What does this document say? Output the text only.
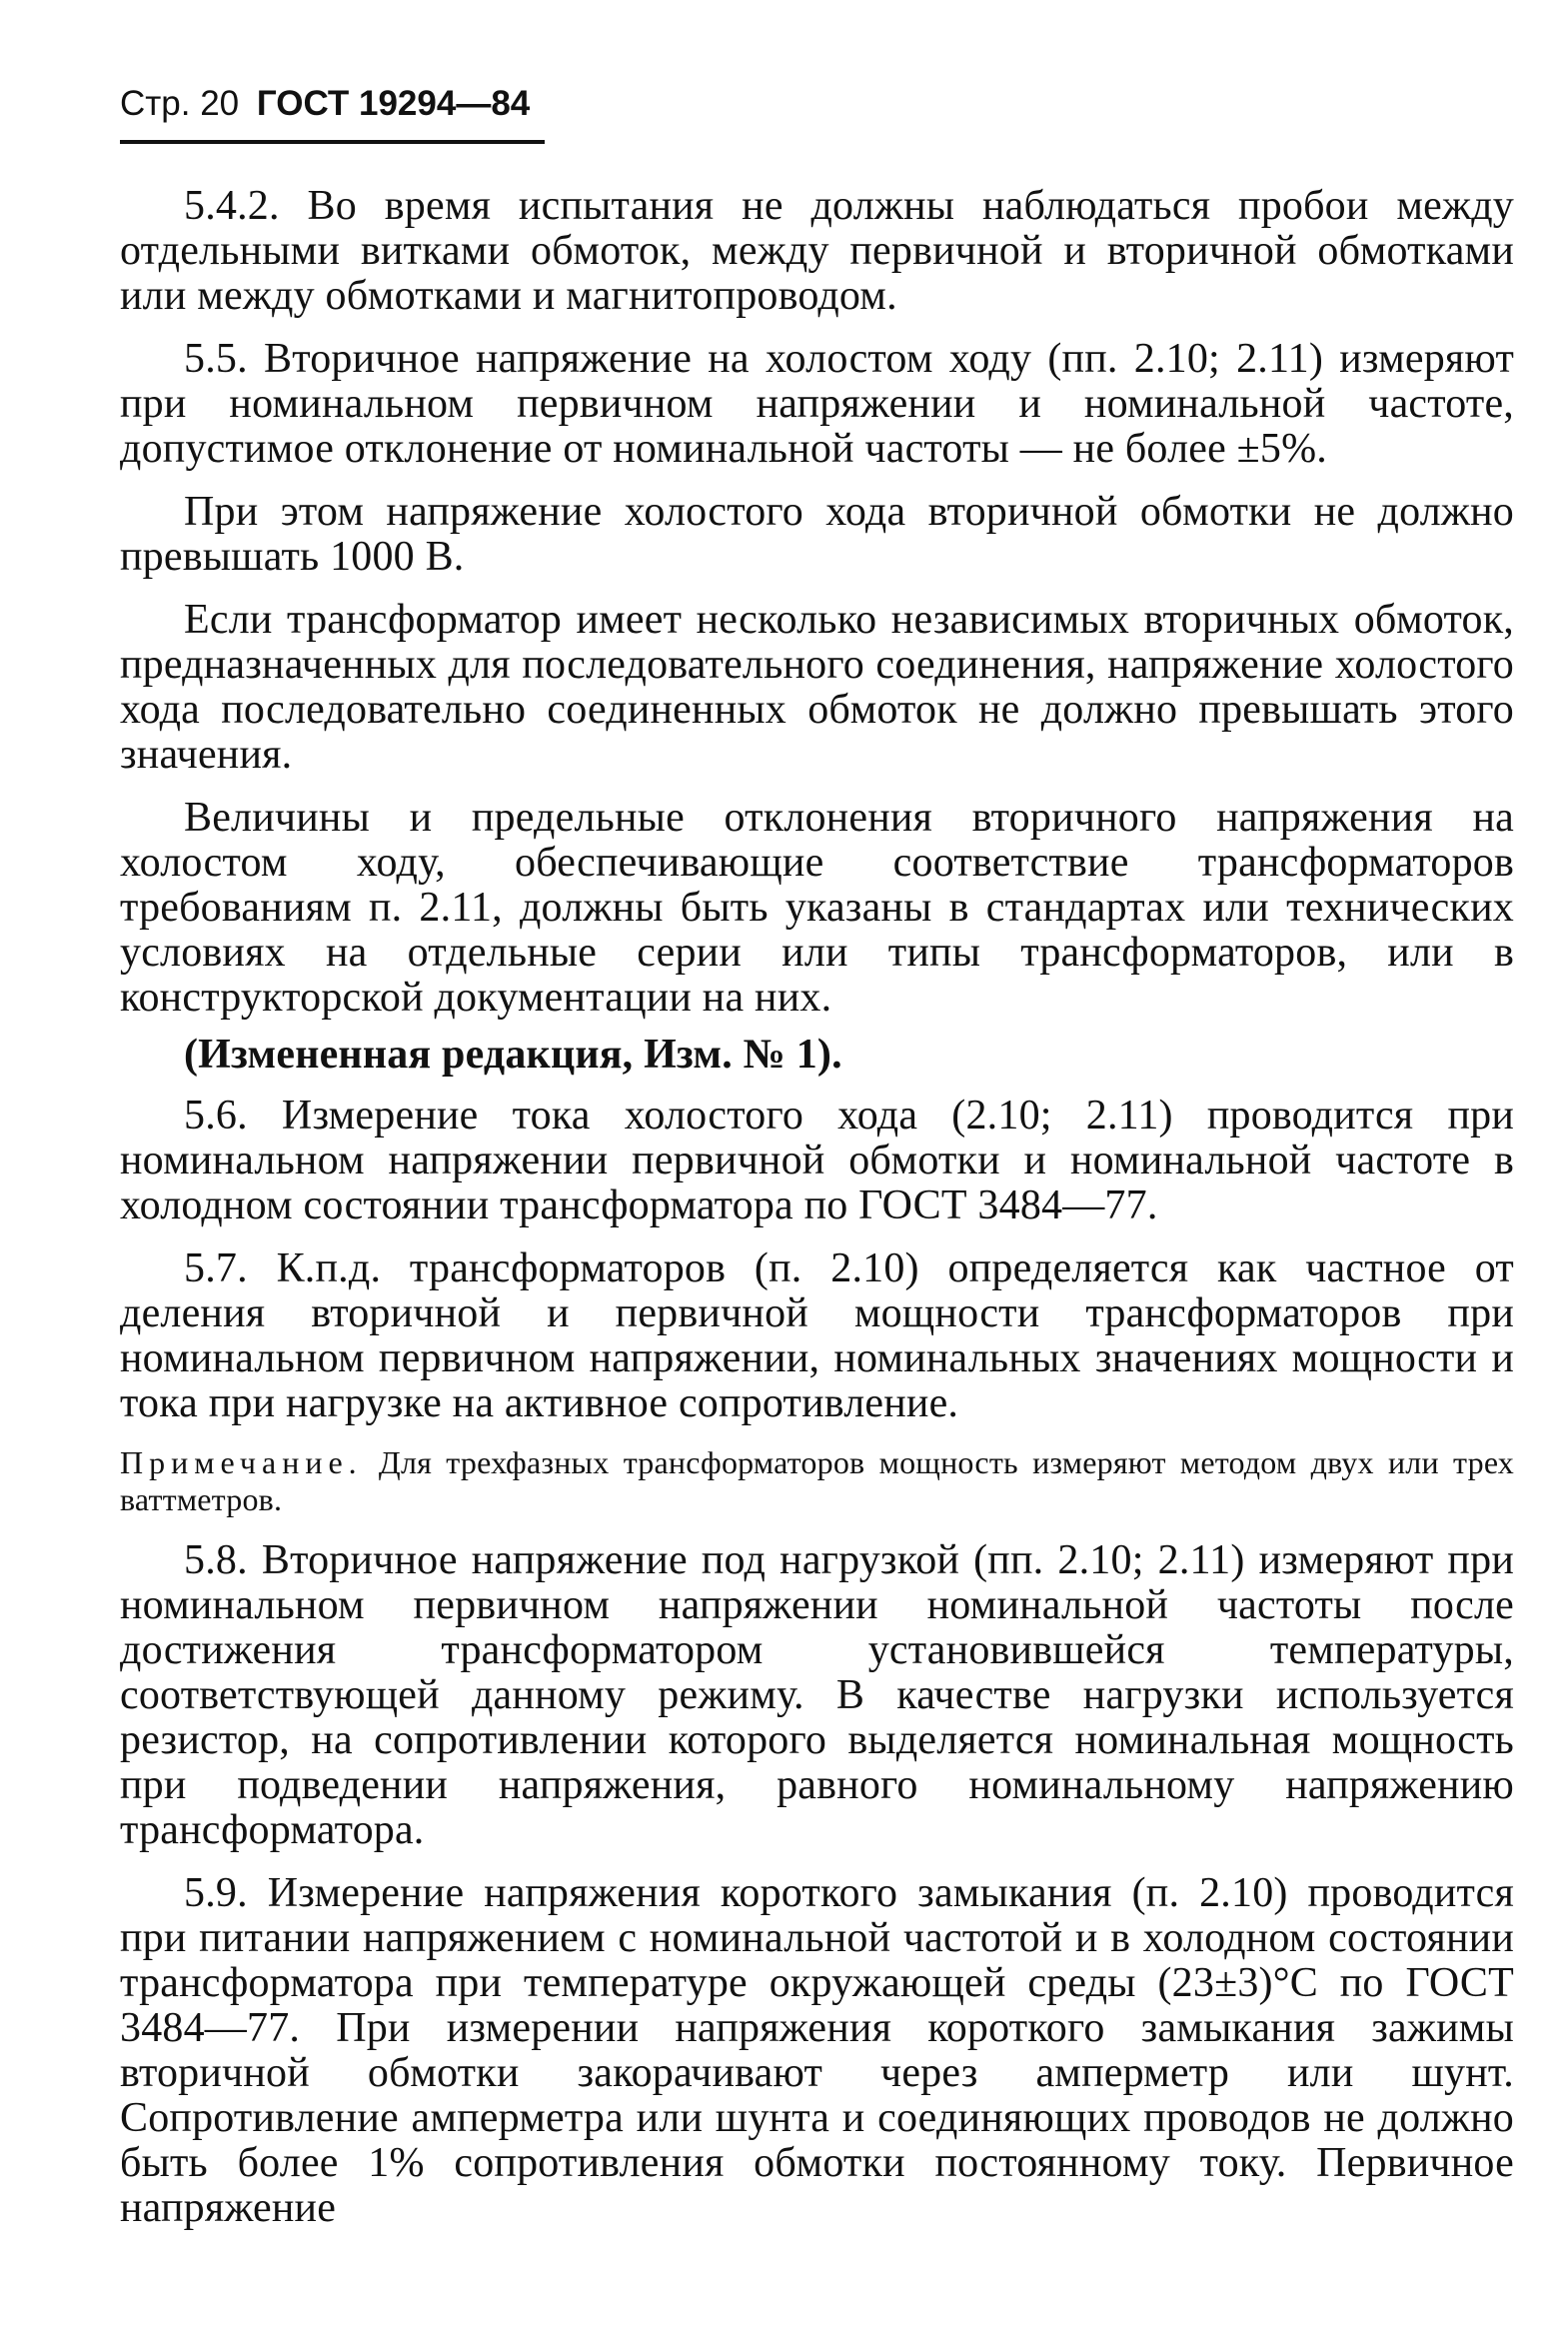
Стр. 20 ГОСТ 19294—84

5.4.2. Во время испытания не должны наблюдаться пробои между отдельными витками обмоток, между первичной и вторичной обмотками или между обмотками и магнитопроводом.

5.5. Вторичное напряжение на холостом ходу (пп. 2.10; 2.11) измеряют при номинальном первичном напряжении и номинальной частоте, допустимое отклонение от номинальной частоты — не более ±5%.

При этом напряжение холостого хода вторичной обмотки не должно превышать 1000 В.

Если трансформатор имеет несколько независимых вторичных обмоток, предназначенных для последовательного соединения, напряжение холостого хода последовательно соединенных обмоток не должно превышать этого значения.

Величины и предельные отклонения вторичного напряжения на холостом ходу, обеспечивающие соответствие трансформаторов требованиям п. 2.11, должны быть указаны в стандартах или технических условиях на отдельные серии или типы трансформаторов, или в конструкторской документации на них.

(Измененная редакция, Изм. № 1).

5.6. Измерение тока холостого хода (2.10; 2.11) проводится при номинальном напряжении первичной обмотки и номинальной частоте в холодном состоянии трансформатора по ГОСТ 3484—77.

5.7. К.п.д. трансформаторов (п. 2.10) определяется как частное от деления вторичной и первичной мощности трансформаторов при номинальном первичном напряжении, номинальных значениях мощности и тока при нагрузке на активное сопротивление.

Примечание. Для трехфазных трансформаторов мощность измеряют методом двух или трех ваттметров.

5.8. Вторичное напряжение под нагрузкой (пп. 2.10; 2.11) измеряют при номинальном первичном напряжении номинальной частоты после достижения трансформатором установившейся температуры, соответствующей данному режиму. В качестве нагрузки используется резистор, на сопротивлении которого выделяется номинальная мощность при подведении напряжения, равного номинальному напряжению трансформатора.

5.9. Измерение напряжения короткого замыкания (п. 2.10) проводится при питании напряжением с номинальной частотой и в холодном состоянии трансформатора при температуре окружающей среды (23±3)°С по ГОСТ 3484—77. При измерении напряжения короткого замыкания зажимы вторичной обмотки закорачивают через амперметр или шунт. Сопротивление амперметра или шунта и соединяющих проводов не должно быть более 1% сопротивления обмотки постоянному току. Первичное напряжение
